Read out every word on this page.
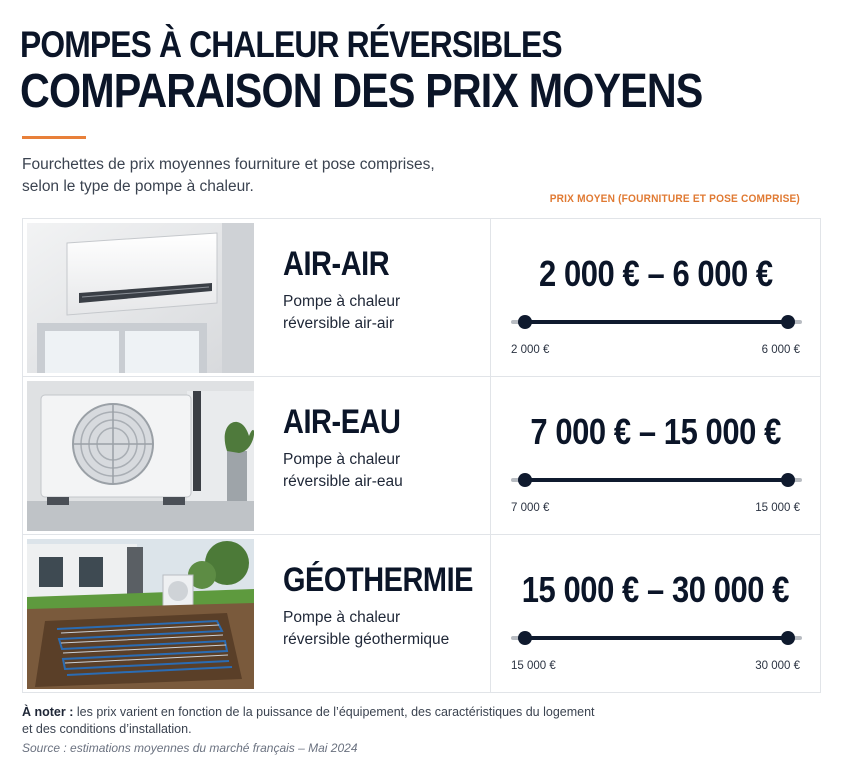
POMPES À CHALEUR RÉVERSIBLES
COMPARAISON DES PRIX MOYENS
Fourchettes de prix moyennes fourniture et pose comprises,
selon le type de pompe à chaleur.
PRIX MOYEN (FOURNITURE ET POSE COMPRISE)
AIR-AIR
Pompe à chaleur
réversible air-air
2 000 € – 6 000 €
2 000 €	6 000 €
AIR-EAU
Pompe à chaleur
réversible air-eau
7 000 € – 15 000 €
7 000 €	15 000 €
GÉOTHERMIE
Pompe à chaleur
réversible géothermique
15 000 € – 30 000 €
15 000 €	30 000 €
À noter : les prix varient en fonction de la puissance de l’équipement, des caractéristiques du logement
et des conditions d’installation.
Source : estimations moyennes du marché français – Mai 2024
